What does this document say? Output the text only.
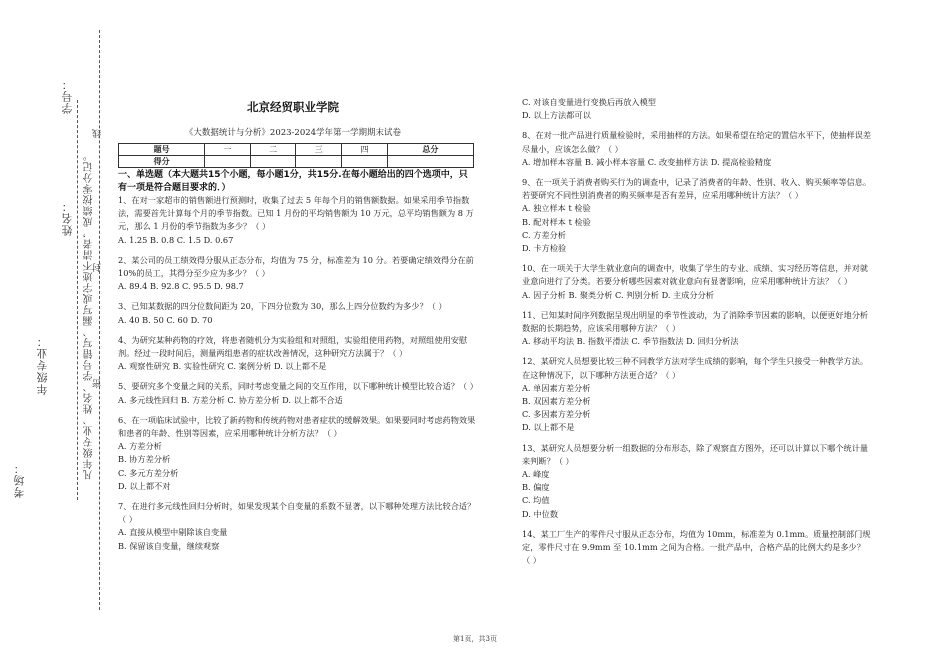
学号：
姓名：
年级专业：
考场：	凡年级专业、姓名、学号错写、漏写或字迹不清者，成绩按零分记。
线
封
密
北京经贸职业学院
《大数据统计与分析》2023-2024学年第一学期期末试卷
题号	一	二	三	四	总分
得分					
一、单选题（本大题共15个小题，每小题1分，共15分.在每小题给出的四个选项中，只有一项是符合题目要求的．）
1、在对一家超市的销售额进行预测时，收集了过去 5 年每个月的销售额数据。如果采用季节指数法，需要首先计算每个月的季节指数。已知 1 月份的平均销售额为 10 万元，总平均销售额为 8 万元，那么 1 月份的季节指数为多少？（ ）
A. 1.25 B. 0.8 C. 1.5 D. 0.67
2、某公司的员工绩效得分服从正态分布，均值为 75 分，标准差为 10 分。若要确定绩效得分在前 10%的员工，其得分至少应为多少？（ ）
A. 89.4 B. 92.8 C. 95.5 D. 98.7
3、已知某数据的四分位数间距为 20，下四分位数为 30，那么上四分位数约为多少？（ ）
A. 40 B. 50 C. 60 D. 70
4、为研究某种药物的疗效，将患者随机分为实验组和对照组，实验组使用药物，对照组使用安慰剂。经过一段时间后，测量两组患者的症状改善情况，这种研究方法属于？（ ）
A. 观察性研究 B. 实验性研究 C. 案例分析 D. 以上都不是
5、要研究多个变量之间的关系，同时考虑变量之间的交互作用，以下哪种统计模型比较合适？（ ）
A. 多元线性回归 B. 方差分析 C. 协方差分析 D. 以上都不合适
6、在一项临床试验中，比较了新药物和传统药物对患者症状的缓解效果。如果要同时考虑药物效果和患者的年龄、性别等因素，应采用哪种统计分析方法？（ ）
A. 方差分析
B. 协方差分析
C. 多元方差分析
D. 以上都不对
7、在进行多元线性回归分析时，如果发现某个自变量的系数不显著，以下哪种处理方法比较合适？（ ）
A. 直接从模型中剔除该自变量
B. 保留该自变量，继续观察
C. 对该自变量进行变换后再放入模型
D. 以上方法都可以
8、在对一批产品进行质量检验时，采用抽样的方法。如果希望在给定的置信水平下，使抽样误差尽量小，应该怎么做？（ ）
A. 增加样本容量 B. 减小样本容量 C. 改变抽样方法 D. 提高检验精度
9、在一项关于消费者购买行为的调查中，记录了消费者的年龄、性别、收入、购买频率等信息。若要研究不同性别消费者的购买频率是否有差异，应采用哪种统计方法？（ ）
A. 独立样本 t 检验
B. 配对样本 t 检验
C. 方差分析
D. 卡方检验
10、在一项关于大学生就业意向的调查中，收集了学生的专业、成绩、实习经历等信息，并对就业意向进行了分类。若要分析哪些因素对就业意向有显著影响，应采用哪种统计方法？（ ）
A. 因子分析 B. 聚类分析 C. 判别分析 D. 主成分分析
11、已知某时间序列数据呈现出明显的季节性波动，为了消除季节因素的影响，以便更好地分析数据的长期趋势，应该采用哪种方法？（ ）
A. 移动平均法 B. 指数平滑法 C. 季节指数法 D. 回归分析法
12、某研究人员想要比较三种不同教学方法对学生成绩的影响，每个学生只接受一种教学方法。在这种情况下，以下哪种方法更合适？（ ）
A. 单因素方差分析
B. 双因素方差分析
C. 多因素方差分析
D. 以上都不是
13、某研究人员想要分析一组数据的分布形态，除了观察直方图外，还可以计算以下哪个统计量来判断？（ ）
A. 峰度
B. 偏度
C. 均值
D. 中位数
14、某工厂生产的零件尺寸服从正态分布，均值为 10mm，标准差为 0.1mm。质量控制部门规定，零件尺寸在 9.9mm 至 10.1mm 之间为合格。一批产品中，合格产品的比例大约是多少？（ ）
第1页，共3页
